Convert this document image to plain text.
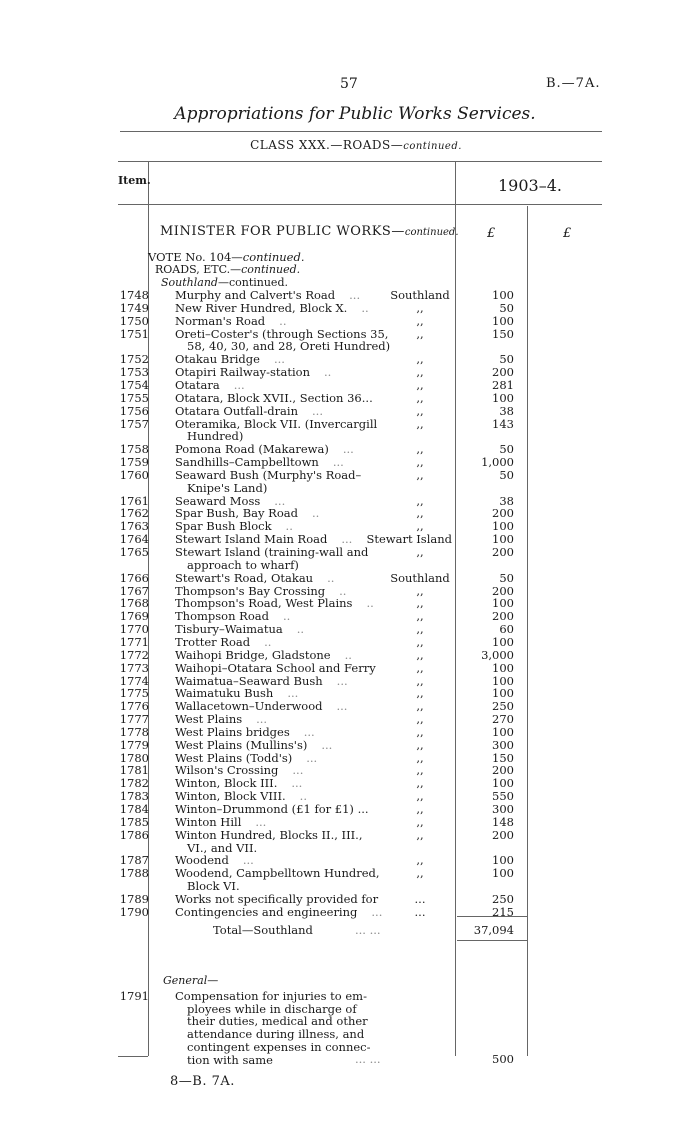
57	B.—7A.
Appropriations for Public Works Services.
CLASS XXX.—ROADS—continued.
Item.	1903–4.
MINISTER FOR PUBLIC WORKS—continued. £	£
VOTE No. 104—continued.
ROADS, ETC.—continued.
Southland—continued.
1748 Murphy and Calvert's Road ...	Southland	100
1749 New River Hundred, Block X. ..	,,	50
1750 Norman's Road ..	,,	100
1751 Oreti–Coster's (through Sections 35,	,,	150
58, 40, 30, and 28, Oreti Hundred)
1752 Otakau Bridge ...	,,	50
1753 Otapiri Railway-station ..	,,	200
1754 Otatara ...	,,	281
1755 Otatara, Block XVII., Section 36...	,,	100
1756 Otatara Outfall-drain ...	,,	38
1757 Oteramika, Block VII. (Invercargill	,,	143
Hundred)
1758 Pomona Road (Makarewa) ...	,,	50
1759 Sandhills–Campbelltown ...	,,	1,000
1760 Seaward Bush (Murphy's Road–	,,	50
Knipe's Land)
1761 Seaward Moss ...	,,	38
1762 Spar Bush, Bay Road ..	,,	200
1763 Spar Bush Block ..	,,	100
1764 Stewart Island Main Road ...	Stewart Island	100
1765 Stewart Island (training-wall and	,,	200
approach to wharf)
1766 Stewart's Road, Otakau ..	Southland	50
1767 Thompson's Bay Crossing ..	,,	200
1768 Thompson's Road, West Plains ..	,,	100
1769 Thompson Road ..	,,	200
1770 Tisbury–Waimatua ..	,,	60
1771 Trotter Road ..	,,	100
1772 Waihopi Bridge, Gladstone ..	,,	3,000
1773 Waihopi–Otatara School and Ferry	,,	100
1774 Waimatua–Seaward Bush ...	,,	100
1775 Waimatuku Bush ...	,,	100
1776 Wallacetown–Underwood ...	,,	250
1777 West Plains ...	,,	270
1778 West Plains bridges ...	,,	100
1779 West Plains (Mullins's) ...	,,	300
1780 West Plains (Todd's) ...	,,	150
1781 Wilson's Crossing ...	,,	200
1782 Winton, Block III. ...	,,	100
1783 Winton, Block VIII. ..	,,	550
1784 Winton–Drummond (£1 for £1) ...	,,	300
1785 Winton Hill ...	,,	148
1786 Winton Hundred, Blocks II., III.,	,,	200
VI., and VII.
1787 Woodend ...	,,	100
1788 Woodend, Campbelltown Hundred,	,,	100
Block VI.
1789 Works not specifically provided for	...	250
1790 Contingencies and engineering ...	...	215
Total—Southland	... ...	37,094
General—
1791 Compensation for injuries to em-
ployees while in discharge of
their duties, medical and other
attendance during illness, and
contingent expenses in connec-
tion with same	... ...	500
8—B. 7A.
